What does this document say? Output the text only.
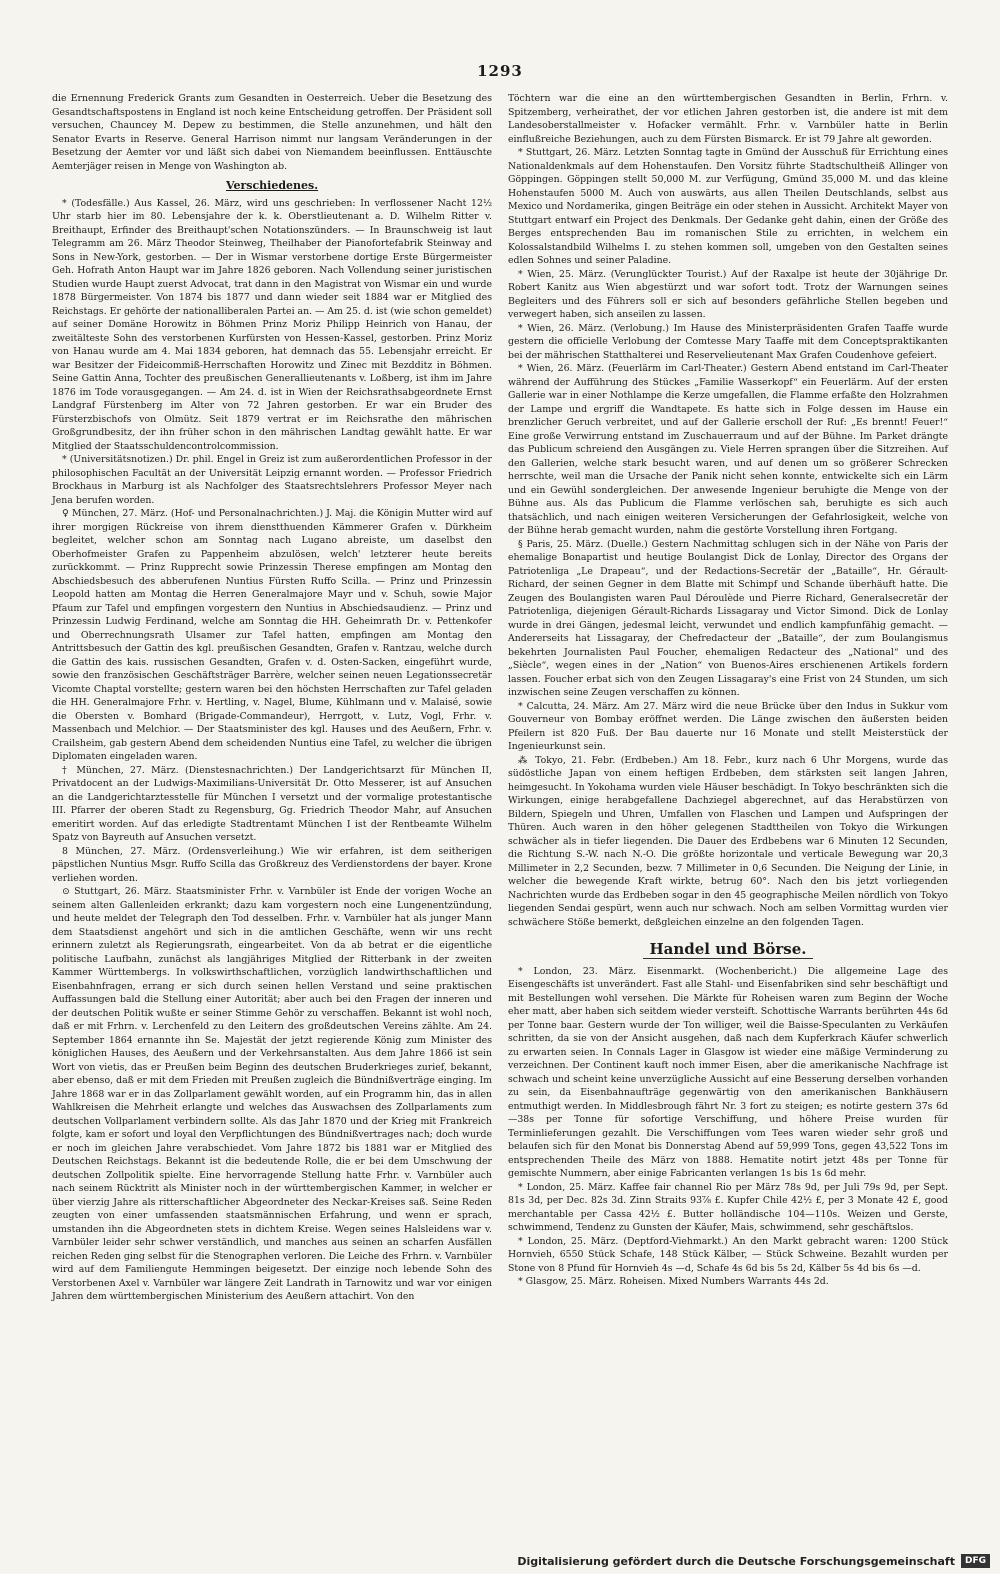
1293

die Ernennung Frederick Grants zum Gesandten in Oesterreich. Ueber die Besetzung des Gesandtschaftspostens in England ist noch keine Entscheidung getroffen. Der Präsident soll versuchen, Chauncey M. Depew zu bestimmen, die Stelle anzunehmen, und hält den Senator Evarts in Reserve. General Harrison nimmt nur langsam Veränderungen in der Besetzung der Aemter vor und läßt sich dabei von Niemandem beeinflussen. Enttäuschte Aemterjäger reisen in Menge von Washington ab.

Verschiedenes.

* (Todesfälle.) Aus Kassel, 26. März, wird uns geschrieben: In verflossener Nacht 12½ Uhr starb hier im 80. Lebensjahre der k. k. Oberstlieutenant a. D. Wilhelm Ritter v. Breithaupt, Erfinder des Breithaupt'schen Notationszünders. — In Braunschweig ist laut Telegramm am 26. März Theodor Steinweg, Theilhaber der Pianofortefabrik Steinway and Sons in New-York, gestorben. — Der in Wismar verstorbene dortige Erste Bürgermeister Geh. Hofrath Anton Haupt war im Jahre 1826 geboren. Nach Vollendung seiner juristischen Studien wurde Haupt zuerst Advocat, trat dann in den Magistrat von Wismar ein und wurde 1878 Bürgermeister. Von 1874 bis 1877 und dann wieder seit 1884 war er Mitglied des Reichstags. Er gehörte der nationalliberalen Partei an. — Am 25. d. ist (wie schon gemeldet) auf seiner Domäne Horowitz in Böhmen Prinz Moriz Philipp Heinrich von Hanau, der zweitälteste Sohn des verstorbenen Kurfürsten von Hessen-Kassel, gestorben. Prinz Moriz von Hanau wurde am 4. Mai 1834 geboren, hat demnach das 55. Lebensjahr erreicht. Er war Besitzer der Fideicommiß-Herrschaften Horowitz und Zinec mit Bezdditz in Böhmen. Seine Gattin Anna, Tochter des preußischen Generallieutenants v. Loßberg, ist ihm im Jahre 1876 im Tode vorausgegangen. — Am 24. d. ist in Wien der Reichsrathsabgeordnete Ernst Landgraf Fürstenberg im Alter von 72 Jahren gestorben. Er war ein Bruder des Fürsterzbischofs von Olmütz. Seit 1879 vertrat er im Reichsrathe den mährischen Großgrundbesitz, der ihn früher schon in den mährischen Landtag gewählt hatte. Er war Mitglied der Staatsschuldencontrolcommission.

* (Universitätsnotizen.) Dr. phil. Engel in Greiz ist zum außerordentlichen Professor in der philosophischen Facultät an der Universität Leipzig ernannt worden. — Professor Friedrich Brockhaus in Marburg ist als Nachfolger des Staatsrechtslehrers Professor Meyer nach Jena berufen worden.

♀ München, 27. März. (Hof- und Personalnachrichten.) J. Maj. die Königin Mutter wird auf ihrer morgigen Rückreise von ihrem dienstthuenden Kämmerer Grafen v. Dürkheim begleitet, welcher schon am Sonntag nach Lugano abreiste, um daselbst den Oberhofmeister Grafen zu Pappenheim abzulösen, welch' letzterer heute bereits zurückkommt. — Prinz Rupprecht sowie Prinzessin Therese empfingen am Montag den Abschiedsbesuch des abberufenen Nuntius Fürsten Ruffo Scilla. — Prinz und Prinzessin Leopold hatten am Montag die Herren Generalmajore Mayr und v. Schuh, sowie Major Pfaum zur Tafel und empfingen vorgestern den Nuntius in Abschiedsaudienz. — Prinz und Prinzessin Ludwig Ferdinand, welche am Sonntag die HH. Geheimrath Dr. v. Pettenkofer und Oberrechnungsrath Ulsamer zur Tafel hatten, empfingen am Montag den Antrittsbesuch der Gattin des kgl. preußischen Gesandten, Grafen v. Rantzau, welche durch die Gattin des kais. russischen Gesandten, Grafen v. d. Osten-Sacken, eingeführt wurde, sowie den französischen Geschäftsträger Barrère, welcher seinen neuen Legationssecretär Vicomte Chaptal vorstellte; gestern waren bei den höchsten Herrschaften zur Tafel geladen die HH. Generalmajore Frhr. v. Hertling, v. Nagel, Blume, Kühlmann und v. Malaisé, sowie die Obersten v. Bomhard (Brigade-Commandeur), Herrgott, v. Lutz, Vogl, Frhr. v. Massenbach und Melchior. — Der Staatsminister des kgl. Hauses und des Aeußern, Frhr. v. Crailsheim, gab gestern Abend dem scheidenden Nuntius eine Tafel, zu welcher die übrigen Diplomaten eingeladen waren.

† München, 27. März. (Dienstesnachrichten.) Der Landgerichtsarzt für München II, Privatdocent an der Ludwigs-Maximilians-Universität Dr. Otto Messerer, ist auf Ansuchen an die Landgerichtarztesstelle für München I versetzt und der vormalige protestantische III. Pfarrer der oberen Stadt zu Regensburg, Gg. Friedrich Theodor Mahr, auf Ansuchen emeritirt worden. Auf das erledigte Stadtrentamt München I ist der Rentbeamte Wilhelm Spatz von Bayreuth auf Ansuchen versetzt.

8 München, 27. März. (Ordensverleihung.) Wie wir erfahren, ist dem seitherigen päpstlichen Nuntius Msgr. Ruffo Scilla das Großkreuz des Verdienstordens der bayer. Krone verliehen worden.

⊙ Stuttgart, 26. März. Staatsminister Frhr. v. Varnbüler ist Ende der vorigen Woche an seinem alten Gallenleiden erkrankt; dazu kam vorgestern noch eine Lungenentzündung, und heute meldet der Telegraph den Tod desselben. Frhr. v. Varnbüler hat als junger Mann dem Staatsdienst angehört und sich in die amtlichen Geschäfte, wenn wir uns recht erinnern zuletzt als Regierungsrath, eingearbeitet. Von da ab betrat er die eigentliche politische Laufbahn, zunächst als langjähriges Mitglied der Ritterbank in der zweiten Kammer Württembergs. In volkswirthschaftlichen, vorzüglich landwirthschaftlichen und Eisenbahnfragen, errang er sich durch seinen hellen Verstand und seine praktischen Auffassungen bald die Stellung einer Autorität; aber auch bei den Fragen der inneren und der deutschen Politik wußte er seiner Stimme Gehör zu verschaffen. Bekannt ist wohl noch, daß er mit Frhrn. v. Lerchenfeld zu den Leitern des großdeutschen Vereins zählte. Am 24. September 1864 ernannte ihn Se. Majestät der jetzt regierende König zum Minister des königlichen Hauses, des Aeußern und der Verkehrsanstalten. Aus dem Jahre 1866 ist sein Wort von vietis, das er Preußen beim Beginn des deutschen Bruderkrieges zurief, bekannt, aber ebenso, daß er mit dem Frieden mit Preußen zugleich die Bündnißverträge einging. Im Jahre 1868 war er in das Zollparlament gewählt worden, auf ein Programm hin, das in allen Wahlkreisen die Mehrheit erlangte und welches das Auswachsen des Zollparlaments zum deutschen Vollparlament verbindern sollte. Als das Jahr 1870 und der Krieg mit Frankreich folgte, kam er sofort und loyal den Verpflichtungen des Bündnißvertrages nach; doch wurde er noch im gleichen Jahre verabschiedet. Vom Jahre 1872 bis 1881 war er Mitglied des Deutschen Reichstags. Bekannt ist die bedeutende Rolle, die er bei dem Umschwung der deutschen Zollpolitik spielte. Eine hervorragende Stellung hatte Frhr. v. Varnbüler auch nach seinem Rücktritt als Minister noch in der württembergischen Kammer, in welcher er über vierzig Jahre als ritterschaftlicher Abgeordneter des Neckar-Kreises saß. Seine Reden zeugten von einer umfassenden staatsmännischen Erfahrung, und wenn er sprach, umstanden ihn die Abgeordneten stets in dichtem Kreise. Wegen seines Halsleidens war v. Varnbüler leider sehr schwer verständlich, und manches aus seinen an scharfen Ausfällen reichen Reden ging selbst für die Stenographen verloren. Die Leiche des Frhrn. v. Varnbüler wird auf dem Familiengute Hemmingen beigesetzt. Der einzige noch lebende Sohn des Verstorbenen Axel v. Varnbüler war längere Zeit Landrath in Tarnowitz und war vor einigen Jahren dem württembergischen Ministerium des Aeußern attachirt. Von den

Töchtern war die eine an den württembergischen Gesandten in Berlin, Frhrn. v. Spitzemberg, verheirathet, der vor etlichen Jahren gestorben ist, die andere ist mit dem Landesoberstallmeister v. Hofacker vermählt. Frhr. v. Varnbüler hatte in Berlin einflußreiche Beziehungen, auch zu dem Fürsten Bismarck. Er ist 79 Jahre alt geworden.

* Stuttgart, 26. März. Letzten Sonntag tagte in Gmünd der Ausschuß für Errichtung eines Nationaldenkmals auf dem Hohenstaufen. Den Vorsitz führte Stadtschultheiß Allinger von Göppingen. Göppingen stellt 50,000 M. zur Verfügung, Gmünd 35,000 M. und das kleine Hohenstaufen 5000 M. Auch von auswärts, aus allen Theilen Deutschlands, selbst aus Mexico und Nordamerika, gingen Beiträge ein oder stehen in Aussicht. Architekt Mayer von Stuttgart entwarf ein Project des Denkmals. Der Gedanke geht dahin, einen der Größe des Berges entsprechenden Bau im romanischen Stile zu errichten, in welchem ein Kolossalstandbild Wilhelms I. zu stehen kommen soll, umgeben von den Gestalten seines edlen Sohnes und seiner Paladine.

* Wien, 25. März. (Verunglückter Tourist.) Auf der Raxalpe ist heute der 30jährige Dr. Robert Kanitz aus Wien abgestürzt und war sofort todt. Trotz der Warnungen seines Begleiters und des Führers soll er sich auf besonders gefährliche Stellen begeben und verwegert haben, sich anseilen zu lassen.

* Wien, 26. März. (Verlobung.) Im Hause des Ministerpräsidenten Grafen Taaffe wurde gestern die officielle Verlobung der Comtesse Mary Taaffe mit dem Conceptspraktikanten bei der mährischen Statthalterei und Reservelieutenant Max Grafen Coudenhove gefeiert.

* Wien, 26. März. (Feuerlärm im Carl-Theater.) Gestern Abend entstand im Carl-Theater während der Aufführung des Stückes „Familie Wasserkopf“ ein Feuerlärm. Auf der ersten Gallerie war in einer Nothlampe die Kerze umgefallen, die Flamme erfaßte den Holzrahmen der Lampe und ergriff die Wandtapete. Es hatte sich in Folge dessen im Hause ein brenzlicher Geruch verbreitet, und auf der Gallerie erscholl der Ruf: „Es brennt! Feuer!“ Eine große Verwirrung entstand im Zuschauerraum und auf der Bühne. Im Parket drängte das Publicum schreiend den Ausgängen zu. Viele Herren sprangen über die Sitzreihen. Auf den Gallerien, welche stark besucht waren, und auf denen um so größerer Schrecken herrschte, weil man die Ursache der Panik nicht sehen konnte, entwickelte sich ein Lärm und ein Gewühl sondergleichen. Der anwesende Ingenieur beruhigte die Menge von der Bühne aus. Als das Publicum die Flamme verlöschen sah, beruhigte es sich auch thatsächlich, und nach einigen weiteren Versicherungen der Gefahrlosigkeit, welche von der Bühne herab gemacht wurden, nahm die gestörte Vorstellung ihren Fortgang.

§ Paris, 25. März. (Duelle.) Gestern Nachmittag schlugen sich in der Nähe von Paris der ehemalige Bonapartist und heutige Boulangist Dick de Lonlay, Director des Organs der Patriotenliga „Le Drapeau“, und der Redactions-Secretär der „Bataille“, Hr. Gérault-Richard, der seinen Gegner in dem Blatte mit Schimpf und Schande überhäuft hatte. Die Zeugen des Boulangisten waren Paul Déroulède und Pierre Richard, Generalsecretär der Patriotenliga, diejenigen Gérault-Richards Lissagaray und Victor Simond. Dick de Lonlay wurde in drei Gängen, jedesmal leicht, verwundet und endlich kampfunfähig gemacht. — Andererseits hat Lissagaray, der Chefredacteur der „Bataille“, der zum Boulangismus bekehrten Journalisten Paul Foucher, ehemaligen Redacteur des „National“ und des „Siècle“, wegen eines in der „Nation“ von Buenos-Aires erschienenen Artikels fordern lassen. Foucher erbat sich von den Zeugen Lissagaray's eine Frist von 24 Stunden, um sich inzwischen seine Zeugen verschaffen zu können.

* Calcutta, 24. März. Am 27. März wird die neue Brücke über den Indus in Sukkur vom Gouverneur von Bombay eröffnet werden. Die Länge zwischen den äußersten beiden Pfeilern ist 820 Fuß. Der Bau dauerte nur 16 Monate und stellt Meisterstück der Ingenieurkunst sein.

⁂ Tokyo, 21. Febr. (Erdbeben.) Am 18. Febr., kurz nach 6 Uhr Morgens, wurde das südöstliche Japan von einem heftigen Erdbeben, dem stärksten seit langen Jahren, heimgesucht. In Yokohama wurden viele Häuser beschädigt. In Tokyo beschränkten sich die Wirkungen, einige herabgefallene Dachziegel abgerechnet, auf das Herabstürzen von Bildern, Spiegeln und Uhren, Umfallen von Flaschen und Lampen und Aufspringen der Thüren. Auch waren in den höher gelegenen Stadttheilen von Tokyo die Wirkungen schwächer als in tiefer liegenden. Die Dauer des Erdbebens war 6 Minuten 12 Secunden, die Richtung S.-W. nach N.-O. Die größte horizontale und verticale Bewegung war 20,3 Millimeter in 2,2 Secunden, bezw. 7 Millimeter in 0,6 Secunden. Die Neigung der Linie, in welcher die bewegende Kraft wirkte, betrug 60°. Nach den bis jetzt vorliegenden Nachrichten wurde das Erdbeben sogar in den 45 geographische Meilen nördlich von Tokyo liegenden Sendai gespürt, wenn auch nur schwach. Noch am selben Vormittag wurden vier schwächere Stöße bemerkt, deßgleichen einzelne an den folgenden Tagen.

Handel und Börse.

* London, 23. März. Eisenmarkt. (Wochenbericht.) Die allgemeine Lage des Eisengeschäfts ist unverändert. Fast alle Stahl- und Eisenfabriken sind sehr beschäftigt und mit Bestellungen wohl versehen. Die Märkte für Roheisen waren zum Beginn der Woche eher matt, aber haben sich seitdem wieder versteift. Schottische Warrants berührten 44s 6d per Tonne baar. Gestern wurde der Ton williger, weil die Baisse-Speculanten zu Verkäufen schritten, da sie von der Ansicht ausgehen, daß nach dem Kupferkrach Käufer schwerlich zu erwarten seien. In Connals Lager in Glasgow ist wieder eine mäßige Verminderung zu verzeichnen. Der Continent kauft noch immer Eisen, aber die amerikanische Nachfrage ist schwach und scheint keine unverzügliche Aussicht auf eine Besserung derselben vorhanden zu sein, da Eisenbahnaufträge gegenwärtig von den amerikanischen Bankhäusern entmuthigt werden. In Middlesbrough fährt Nr. 3 fort zu steigen; es notirte gestern 37s 6d—38s per Tonne für sofortige Verschiffung, und höhere Preise wurden für Terminlieferungen gezahlt. Die Verschiffungen vom Tees waren wieder sehr groß und belaufen sich für den Monat bis Donnerstag Abend auf 59,999 Tons, gegen 43,522 Tons im entsprechenden Theile des März von 1888. Hematite notirt jetzt 48s per Tonne für gemischte Nummern, aber einige Fabricanten verlangen 1s bis 1s 6d mehr.

* London, 25. März. Kaffee fair channel Rio per März 78s 9d, per Juli 79s 9d, per Sept. 81s 3d, per Dec. 82s 3d. Zinn Straits 93⅞ £. Kupfer Chile 42½ £, per 3 Monate 42 £, good merchantable per Cassa 42½ £. Butter holländische 104—110s. Weizen und Gerste, schwimmend, Tendenz zu Gunsten der Käufer, Mais, schwimmend, sehr geschäftslos.

* London, 25. März. (Deptford-Viehmarkt.) An den Markt gebracht waren: 1200 Stück Hornvieh, 6550 Stück Schafe, 148 Stück Kälber, — Stück Schweine. Bezahlt wurden per Stone von 8 Pfund für Hornvieh 4s —d, Schafe 4s 6d bis 5s 2d, Kälber 5s 4d bis 6s —d.

* Glasgow, 25. März. Roheisen. Mixed Numbers Warrants 44s 2d.

Digitalisierung gefördert durch die Deutsche Forschungsgemeinschaft	DFG
